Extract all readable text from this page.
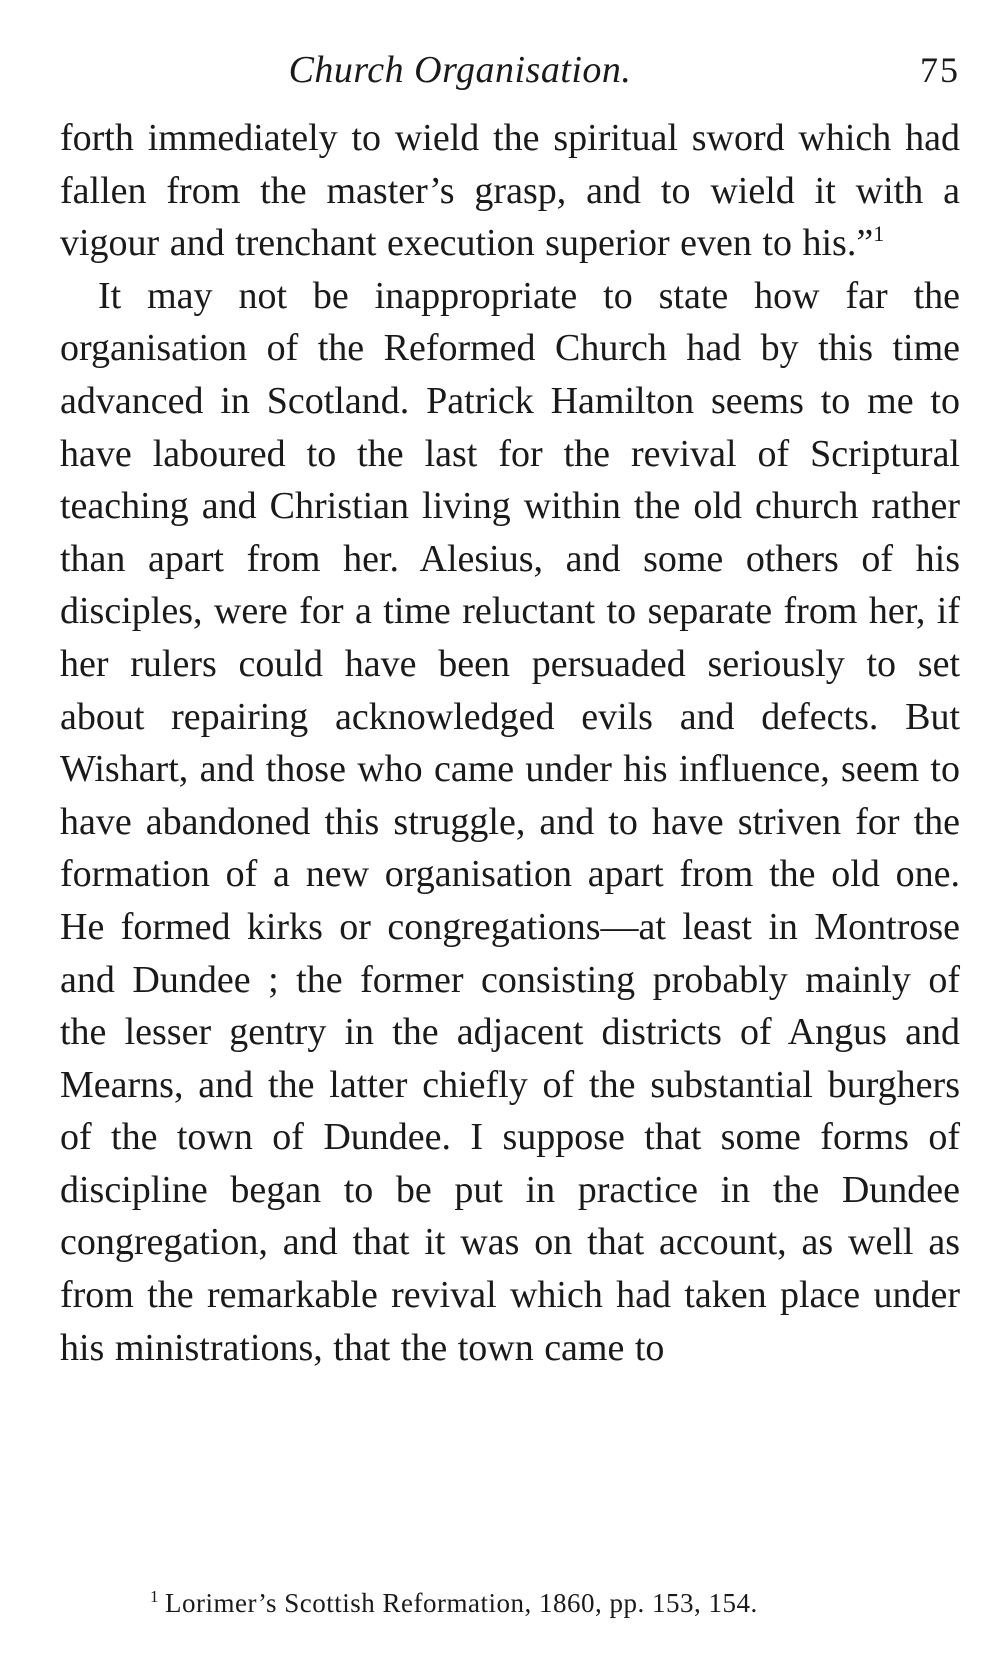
Church Organisation.	75

forth immediately to wield the spiritual sword which had fallen from the master’s grasp, and to wield it with a vigour and trenchant execution superior even to his.”$^1$

It may not be inappropriate to state how far the organisation of the Reformed Church had by this time advanced in Scotland. Patrick Hamilton seems to me to have laboured to the last for the revival of Scriptural teaching and Christian living within the old church rather than apart from her. Alesius, and some others of his disciples, were for a time reluctant to separate from her, if her rulers could have been persuaded seriously to set about repairing acknowledged evils and defects. But Wishart, and those who came under his influence, seem to have abandoned this struggle, and to have striven for the formation of a new organisation apart from the old one. He formed kirks or congregations—at least in Montrose and Dundee ; the former consisting probably mainly of the lesser gentry in the adjacent districts of Angus and Mearns, and the latter chiefly of the substantial burghers of the town of Dundee. I suppose that some forms of discipline began to be put in practice in the Dundee congregation, and that it was on that account, as well as from the remarkable revival which had taken place under his ministrations, that the town came to

$^1$ Lorimer’s Scottish Reformation, 1860, pp. 153, 154.
